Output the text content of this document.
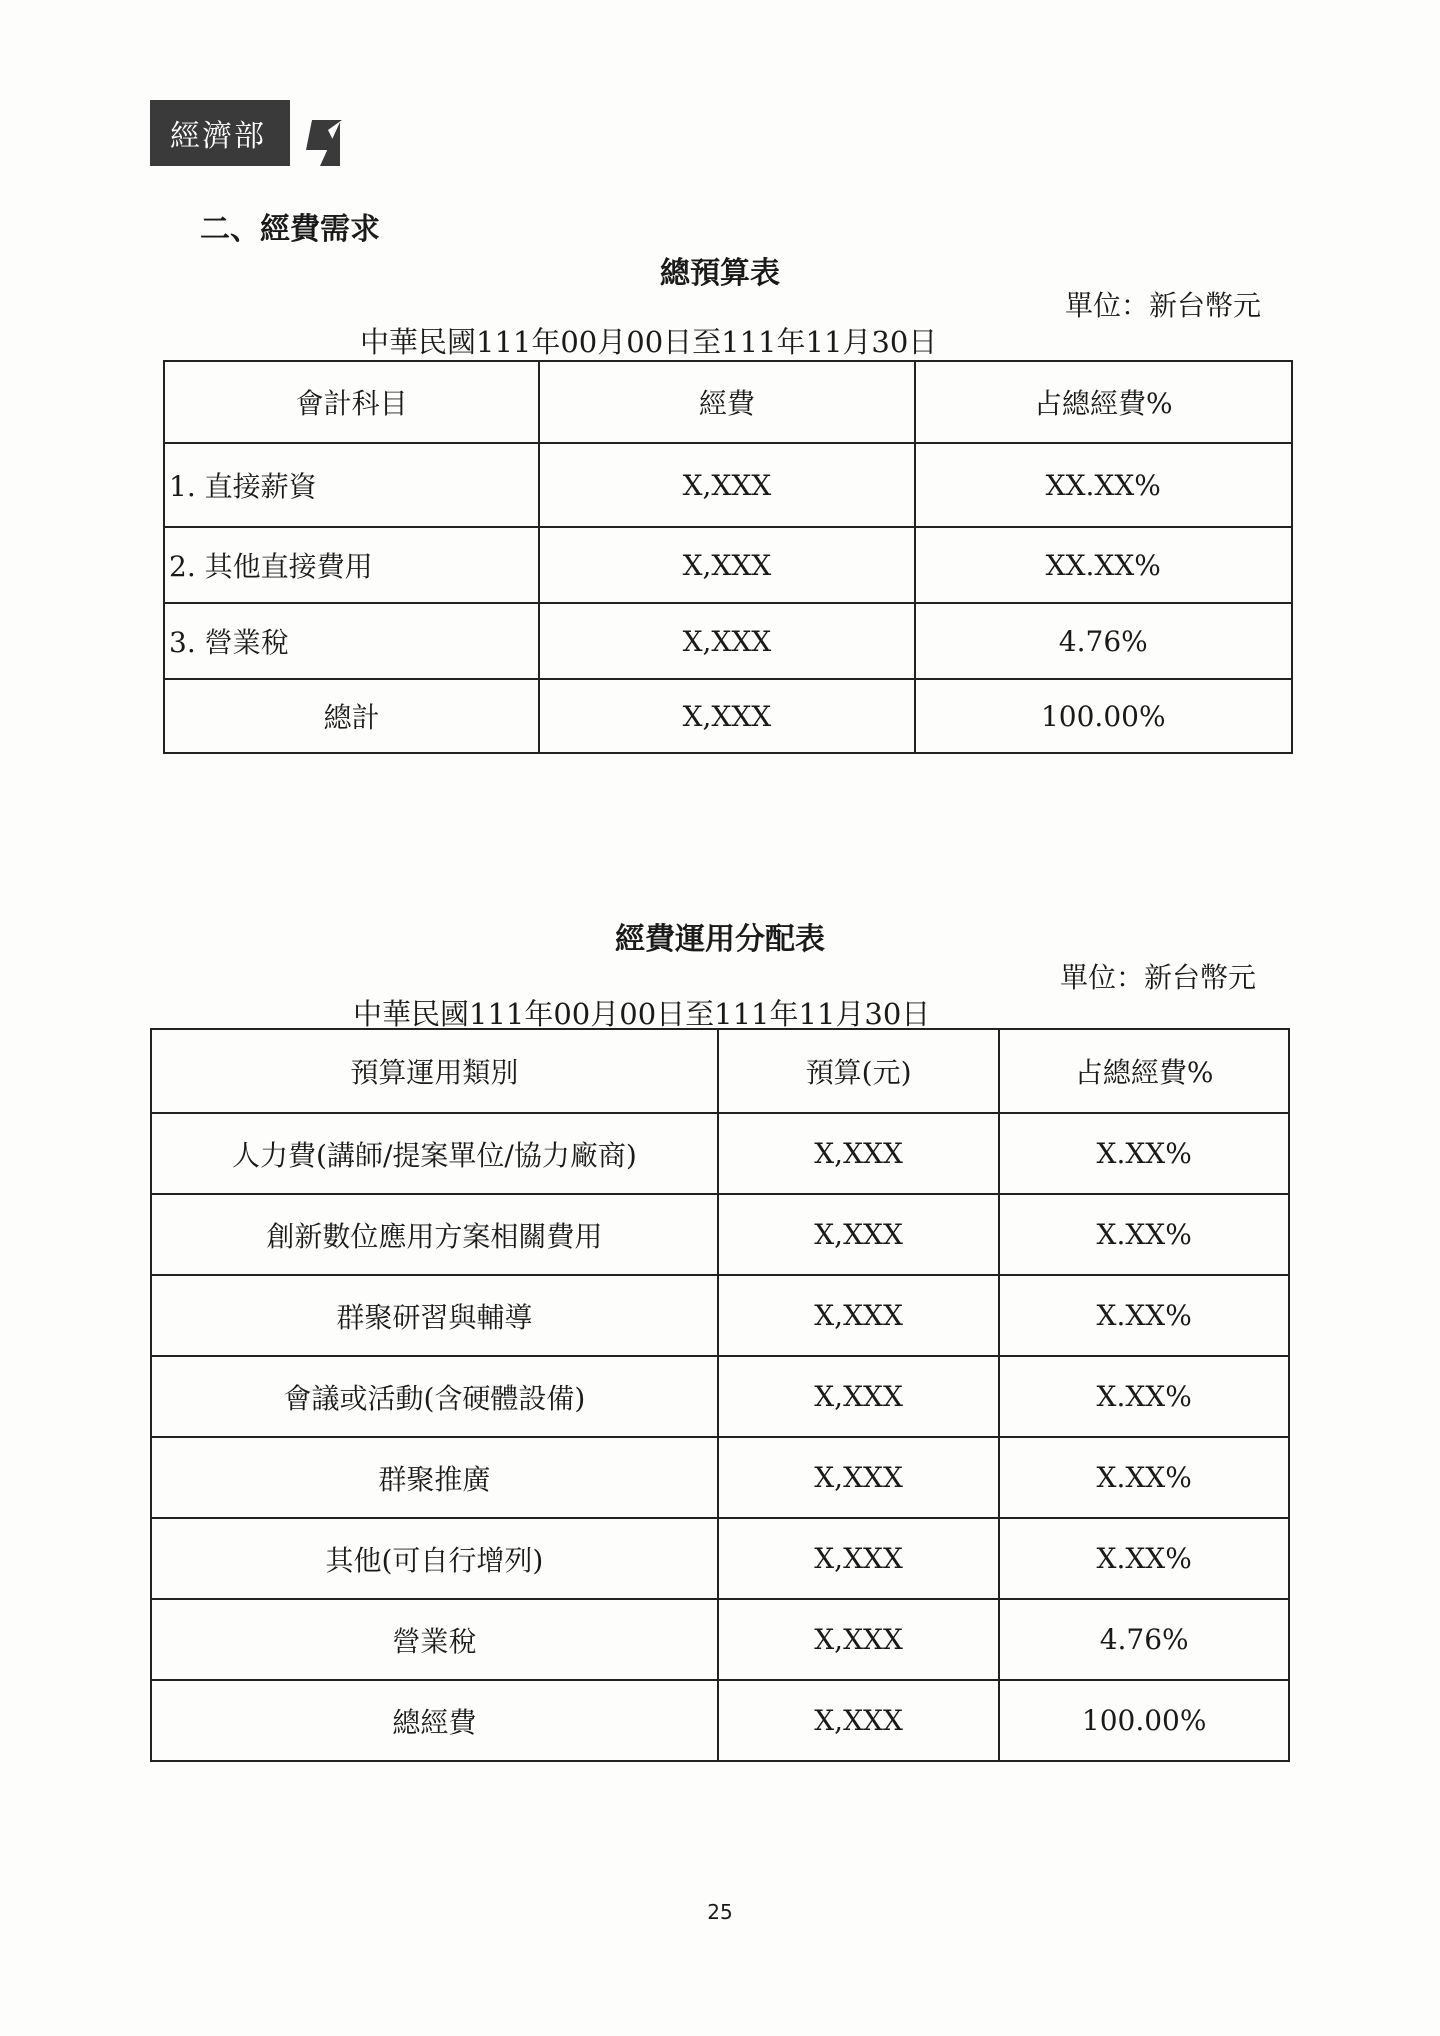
經濟部
二、經費需求
總預算表
單位：新台幣元
中華民國111年00月00日至111年11月30日
會計科目	經費	占總經費%
1. 直接薪資	X,XXX	XX.XX%
2. 其他直接費用	X,XXX	XX.XX%
3. 營業稅	X,XXX	4.76%
總計	X,XXX	100.00%
經費運用分配表
單位：新台幣元
中華民國111年00月00日至111年11月30日
預算運用類別	預算(元)	占總經費%
人力費(講師/提案單位/協力廠商)	X,XXX	X.XX%
創新數位應用方案相關費用	X,XXX	X.XX%
群聚研習與輔導	X,XXX	X.XX%
會議或活動(含硬體設備)	X,XXX	X.XX%
群聚推廣	X,XXX	X.XX%
其他(可自行增列)	X,XXX	X.XX%
營業稅	X,XXX	4.76%
總經費	X,XXX	100.00%
25
